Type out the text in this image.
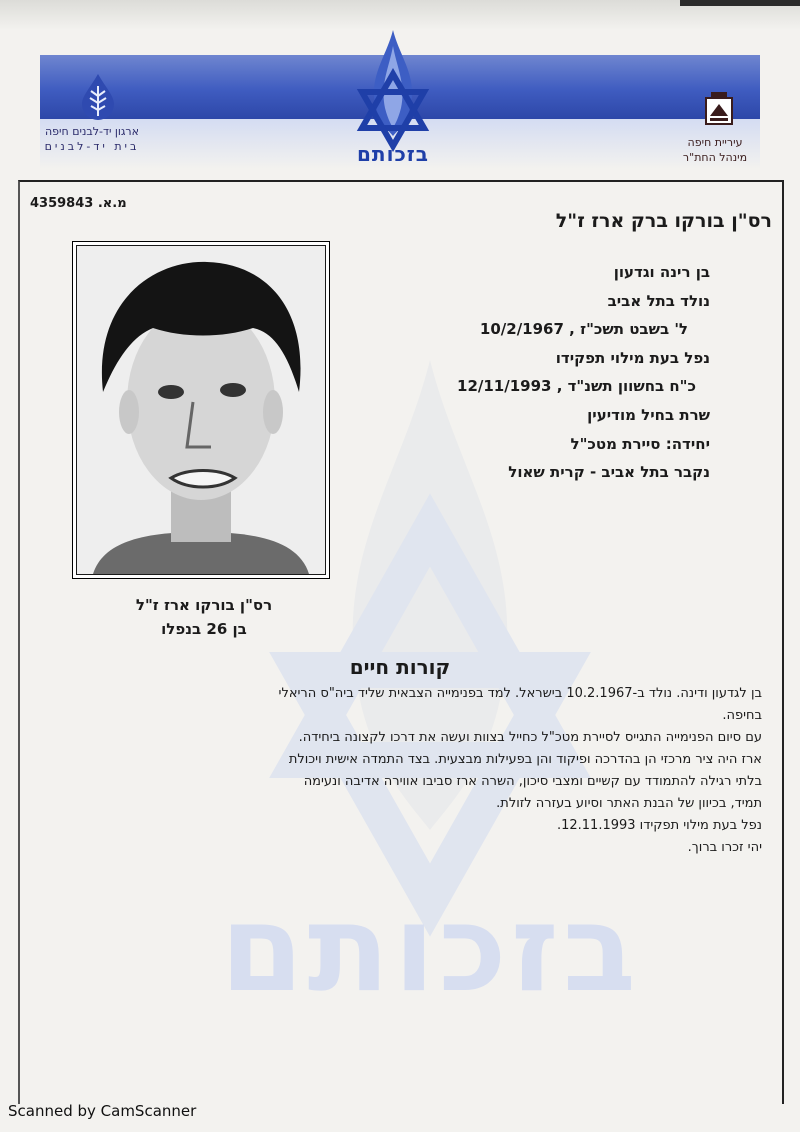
ארגון יד-לבנים חיפה
בית יד-לבנים	בזכותם	עיריית חיפה
מינהל החת"ר
בזכותם
מ.א. 4359843
רס"ן בורקו ברק ארז ז"ל
בן רינה וגדעון
נולד בתל אביב
ל' בשבט תשכ"ז , 10/2/1967
נפל בעת מילוי תפקידו
כ"ח בחשוון תשנ"ד , 12/11/1993
שרת בחיל מודיעין
יחידה: סיירת מטכ"ל
נקבר בתל אביב - קרית שאול
רס"ן בורקו ארז ז"ל
בן 26 בנפלו
קורות חיים
בן לגדעון ודינה. נולד ב-10.2.1967 בישראל. למד בפנימייה הצבאית שליד ביה"ס הריאלי
בחיפה.
עם סיום הפנימייה התגייס לסיירת מטכ"ל כחייל בצוות ועשה את דרכו לקצונה ביחידה.
ארז היה ציר מרכזי הן בהדרכה ופיקוד והן בפעילות מבצעית. בצד התמדה אישית ויכולת
בלתי רגילה להתמודד עם קשיים ומצבי סיכון, השרה ארז סביבו אווירה אדיבה ונעימה
תמיד, בכיוון של הבנת האתר וסיוע בעזרה לזולת.
נפל בעת מילוי תפקידו 12.11.1993.
יהי זכרו ברוך.
Scanned by CamScanner
